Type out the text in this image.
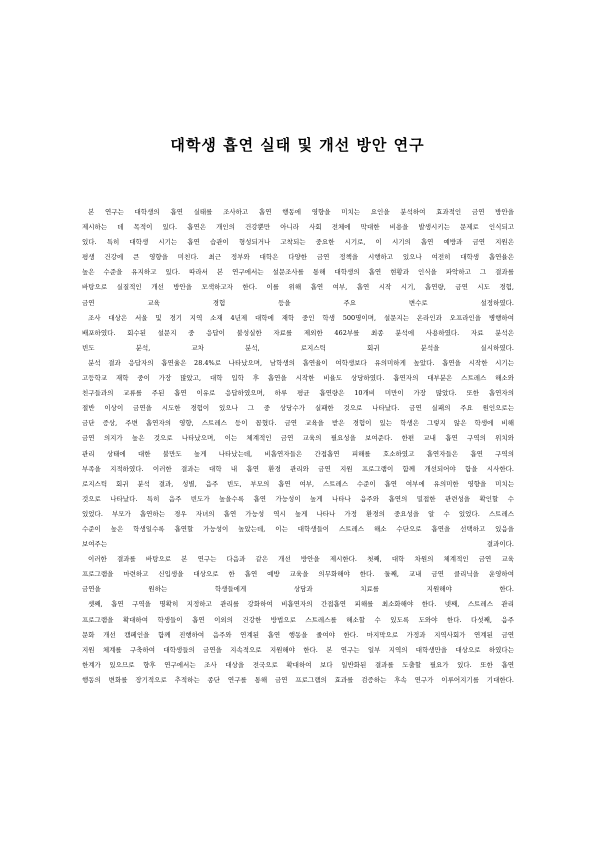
대학생 흡연 실태 및 개선 방안 연구
본 연구는 대학생의 흡연 실태를 조사하고 흡연 행동에 영향을 미치는 요인을 분석하여 효과적인 금연 방안을
제시하는 데 목적이 있다. 흡연은 개인의 건강뿐만 아니라 사회 전체에 막대한 비용을 발생시키는 문제로 인식되고
있다. 특히 대학생 시기는 흡연 습관이 형성되거나 고착되는 중요한 시기로, 이 시기의 흡연 예방과 금연 지원은
평생 건강에 큰 영향을 미친다. 최근 정부와 대학은 다양한 금연 정책을 시행하고 있으나 여전히 대학생 흡연율은
높은 수준을 유지하고 있다. 따라서 본 연구에서는 설문조사를 통해 대학생의 흡연 현황과 인식을 파악하고 그 결과를
바탕으로 실질적인 개선 방안을 모색하고자 한다. 이를 위해 흡연 여부, 흡연 시작 시기, 흡연량, 금연 시도 경험,
금연 교육 경험 등을 주요 변수로 설정하였다.
조사 대상은 서울 및 경기 지역 소재 4년제 대학에 재학 중인 학생 500명이며, 설문지는 온라인과 오프라인을 병행하여
배포하였다. 회수된 설문지 중 응답이 불성실한 자료를 제외한 462부를 최종 분석에 사용하였다. 자료 분석은
빈도 분석, 교차 분석, 로지스틱 회귀 분석을 실시하였다.
분석 결과 응답자의 흡연율은 28.4%로 나타났으며, 남학생의 흡연율이 여학생보다 유의미하게 높았다. 흡연을 시작한 시기는
고등학교 재학 중이 가장 많았고, 대학 입학 후 흡연을 시작한 비율도 상당하였다. 흡연자의 대부분은 스트레스 해소와
친구들과의 교류를 주된 흡연 이유로 응답하였으며, 하루 평균 흡연량은 10개비 미만이 가장 많았다. 또한 흡연자의
절반 이상이 금연을 시도한 경험이 있으나 그 중 상당수가 실패한 것으로 나타났다. 금연 실패의 주요 원인으로는
금단 증상, 주변 흡연자의 영향, 스트레스 등이 꼽혔다. 금연 교육을 받은 경험이 있는 학생은 그렇지 않은 학생에 비해
금연 의지가 높은 것으로 나타났으며, 이는 체계적인 금연 교육의 필요성을 보여준다. 한편 교내 흡연 구역의 위치와
관리 상태에 대한 불만도 높게 나타났는데, 비흡연자들은 간접흡연 피해를 호소하였고 흡연자들은 흡연 구역의
부족을 지적하였다. 이러한 결과는 대학 내 흡연 환경 관리와 금연 지원 프로그램이 함께 개선되어야 함을 시사한다.
로지스틱 회귀 분석 결과, 성별, 음주 빈도, 부모의 흡연 여부, 스트레스 수준이 흡연 여부에 유의미한 영향을 미치는
것으로 나타났다. 특히 음주 빈도가 높을수록 흡연 가능성이 높게 나타나 음주와 흡연의 밀접한 관련성을 확인할 수
있었다. 부모가 흡연하는 경우 자녀의 흡연 가능성 역시 높게 나타나 가정 환경의 중요성을 알 수 있었다. 스트레스
수준이 높은 학생일수록 흡연할 가능성이 높았는데, 이는 대학생들이 스트레스 해소 수단으로 흡연을 선택하고 있음을
보여주는 결과이다.
이러한 결과를 바탕으로 본 연구는 다음과 같은 개선 방안을 제시한다. 첫째, 대학 차원의 체계적인 금연 교육
프로그램을 마련하고 신입생을 대상으로 한 흡연 예방 교육을 의무화해야 한다. 둘째, 교내 금연 클리닉을 운영하여
금연을 원하는 학생들에게 상담과 치료를 지원해야 한다.
셋째, 흡연 구역을 명확히 지정하고 관리를 강화하여 비흡연자의 간접흡연 피해를 최소화해야 한다. 넷째, 스트레스 관리
프로그램을 확대하여 학생들이 흡연 이외의 건강한 방법으로 스트레스를 해소할 수 있도록 도와야 한다. 다섯째, 음주
문화 개선 캠페인을 함께 진행하여 음주와 연계된 흡연 행동을 줄여야 한다. 마지막으로 가정과 지역사회가 연계된 금연
지원 체계를 구축하여 대학생들의 금연을 지속적으로 지원해야 한다. 본 연구는 일부 지역의 대학생만을 대상으로 하였다는
한계가 있으므로 향후 연구에서는 조사 대상을 전국으로 확대하여 보다 일반화된 결과를 도출할 필요가 있다. 또한 흡연
행동의 변화를 장기적으로 추적하는 종단 연구를 통해 금연 프로그램의 효과를 검증하는 후속 연구가 이루어지기를 기대한다.
